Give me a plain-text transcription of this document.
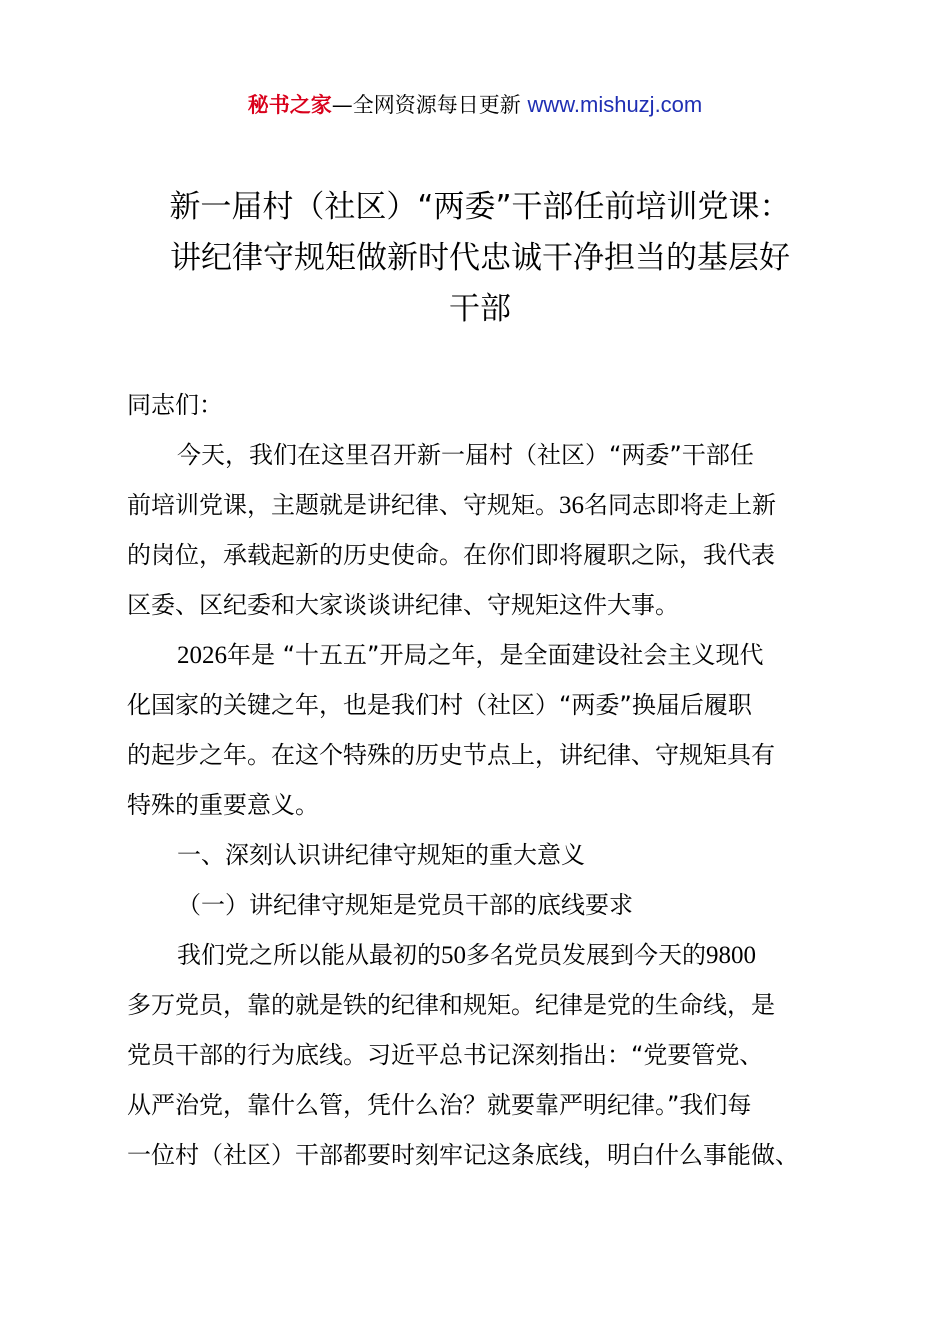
秘书之家—全网资源每日更新 www.mishuzj.com
新一届村（社区）“两委”干部任前培训党课：
讲纪律守规矩做新时代忠诚干净担当的基层好
干部
同志们：
今天，我们在这里召开新一届村（社区）“两委”干部任
前培训党课，主题就是讲纪律、守规矩。36名同志即将走上新
的岗位，承载起新的历史使命。在你们即将履职之际，我代表
区委、区纪委和大家谈谈讲纪律、守规矩这件大事。
2026年是 “十五五”开局之年，是全面建设社会主义现代
化国家的关键之年，也是我们村（社区）“两委”换届后履职
的起步之年。在这个特殊的历史节点上，讲纪律、守规矩具有
特殊的重要意义。
一、深刻认识讲纪律守规矩的重大意义
（一）讲纪律守规矩是党员干部的底线要求
我们党之所以能从最初的50多名党员发展到今天的9800
多万党员，靠的就是铁的纪律和规矩。纪律是党的生命线，是
党员干部的行为底线。习近平总书记深刻指出：“党要管党、
从严治党，靠什么管，凭什么治？就要靠严明纪律。”我们每
一位村（社区）干部都要时刻牢记这条底线，明白什么事能做、
